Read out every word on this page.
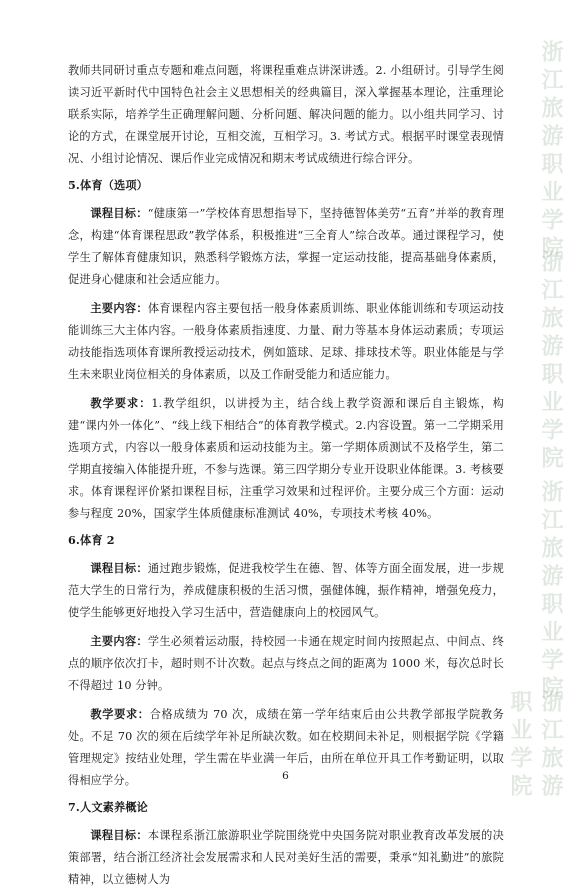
浙江旅游职业学院
浙江旅游职业学院
浙江旅游职业学院
浙江旅游职业学院

教师共同研讨重点专题和难点问题，将课程重难点讲深讲透。2. 小组研讨。引导学生阅读习近平新时代中国特色社会主义思想相关的经典篇目，深入掌握基本理论，注重理论联系实际，培养学生正确理解问题、分析问题、解决问题的能力。以小组共同学习、讨论的方式，在课堂展开讨论，互相交流，互相学习。3. 考试方式。根据平时课堂表现情况、小组讨论情况、课后作业完成情况和期末考试成绩进行综合评分。

5.体育（选项）

课程目标：“健康第一”学校体育思想指导下，坚持德智体美劳“五育”并举的教育理念，构建“体育课程思政”教学体系，积极推进“三全育人”综合改革。通过课程学习，使学生了解体育健康知识，熟悉科学锻炼方法，掌握一定运动技能，提高基础身体素质，促进身心健康和社会适应能力。

主要内容：体育课程内容主要包括一般身体素质训练、职业体能训练和专项运动技能训练三大主体内容。一般身体素质指速度、力量、耐力等基本身体运动素质；专项运动技能指选项体育课所教授运动技术，例如篮球、足球、排球技术等。职业体能是与学生未来职业岗位相关的身体素质，以及工作耐受能力和适应能力。

教学要求：1.教学组织，以讲授为主，结合线上教学资源和课后自主锻炼，构建“课内外一体化”、“线上线下相结合”的体育教学模式。2.内容设置。第一二学期采用选项方式，内容以一般身体素质和运动技能为主。第一学期体质测试不及格学生，第二学期直接编入体能提升班，不参与选课。第三四学期分专业开设职业体能课。3. 考核要求。体育课程评价紧扣课程目标，注重学习效果和过程评价。主要分成三个方面：运动参与程度 20%，国家学生体质健康标准测试 40%，专项技术考核 40%。

6.体育 2

课程目标：通过跑步锻炼，促进我校学生在德、智、体等方面全面发展，进一步规范大学生的日常行为，养成健康积极的生活习惯，强健体魄，振作精神，增强免疫力，使学生能够更好地投入学习生活中，营造健康向上的校园风气。

主要内容：学生必须着运动服，持校园一卡通在规定时间内按照起点、中间点、终点的顺序依次打卡，超时则不计次数。起点与终点之间的距离为 1000 米，每次总时长不得超过 10 分钟。

教学要求：合格成绩为 70 次，成绩在第一学年结束后由公共教学部报学院教务处。不足 70 次的须在后续学年补足所缺次数。如在校期间未补足，则根据学院《学籍管理规定》按结业处理，学生需在毕业满一年后，由所在单位开具工作考勤证明，以取得相应学分。

7.人文素养概论

课程目标：本课程系浙江旅游职业学院围绕党中央国务院对职业教育改革发展的决策部署，结合浙江经济社会发展需求和人民对美好生活的需要，秉承“知礼勤进”的旅院精神，以立德树人为

6
